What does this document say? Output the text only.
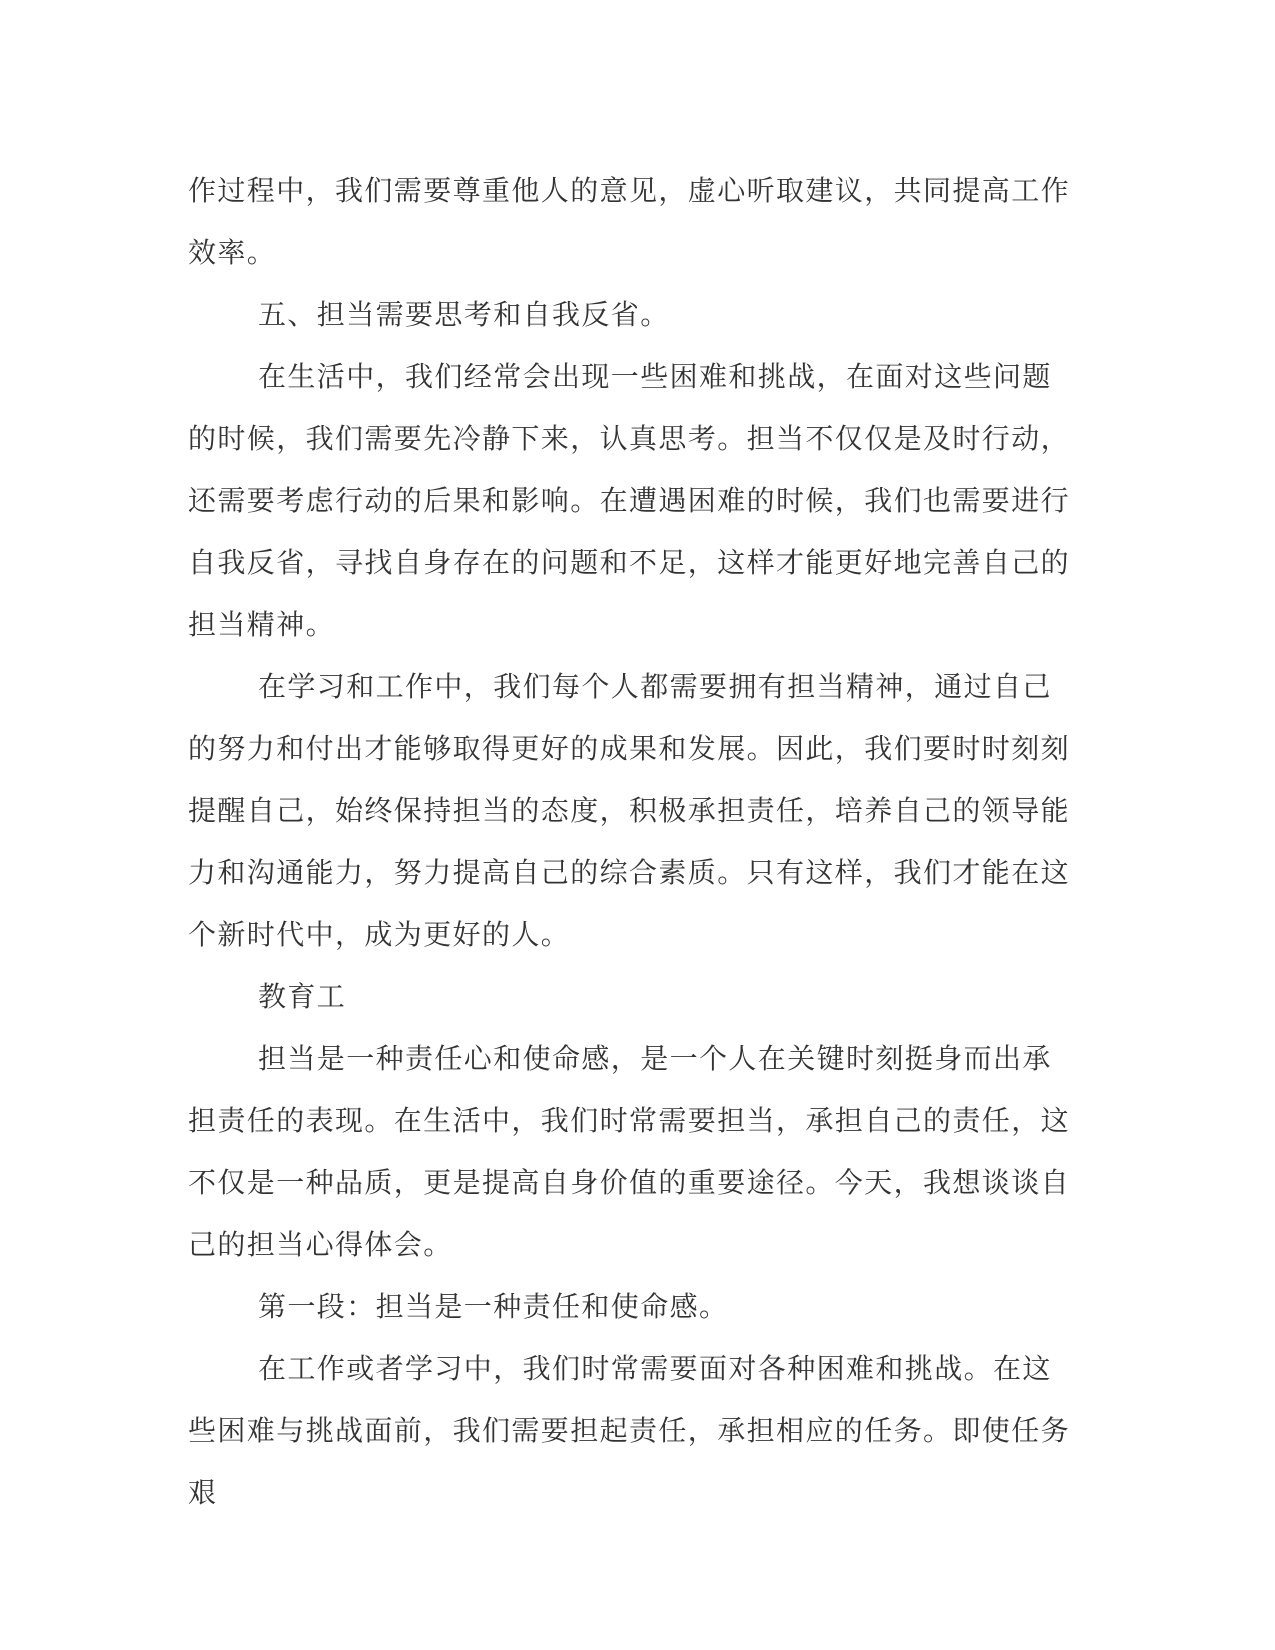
作过程中，我们需要尊重他人的意见，虚心听取建议，共同提高工作效率。

五、担当需要思考和自我反省。

在生活中，我们经常会出现一些困难和挑战，在面对这些问题的时候，我们需要先冷静下来，认真思考。担当不仅仅是及时行动，还需要考虑行动的后果和影响。在遭遇困难的时候，我们也需要进行自我反省，寻找自身存在的问题和不足，这样才能更好地完善自己的担当精神。

在学习和工作中，我们每个人都需要拥有担当精神，通过自己的努力和付出才能够取得更好的成果和发展。因此，我们要时时刻刻提醒自己，始终保持担当的态度，积极承担责任，培养自己的领导能力和沟通能力，努力提高自己的综合素质。只有这样，我们才能在这个新时代中，成为更好的人。

教育工

担当是一种责任心和使命感，是一个人在关键时刻挺身而出承担责任的表现。在生活中，我们时常需要担当，承担自己的责任，这不仅是一种品质，更是提高自身价值的重要途径。今天，我想谈谈自己的担当心得体会。

第一段：担当是一种责任和使命感。

在工作或者学习中，我们时常需要面对各种困难和挑战。在这些困难与挑战面前，我们需要担起责任，承担相应的任务。即使任务艰
